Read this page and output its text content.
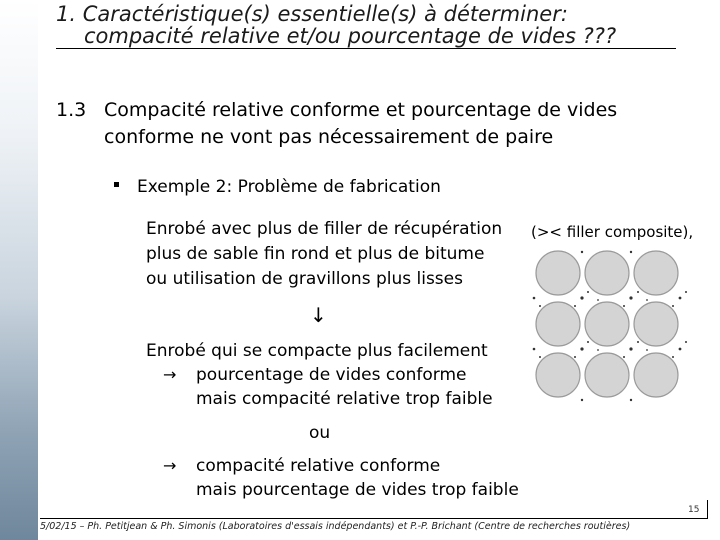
1. Caractéristique(s) essentielle(s) à déterminer:
compacité relative et/ou pourcentage de vides ???
1.3 Compacité relative conforme et pourcentage de vides
conforme ne vont pas nécessairement de paire
Exemple 2: Problème de fabrication
Enrobé avec plus de filler de récupération (>< filler composite),
plus de sable fin rond et plus de bitume
ou utilisation de gravillons plus lisses
↓
Enrobé qui se compacte plus facilement
→ pourcentage de vides conforme
mais compacité relative trop faible
ou
→ compacité relative conforme
mais pourcentage de vides trop faible
15
5/02/15 – Ph. Petitjean & Ph. Simonis (Laboratoires d'essais indépendants) et P.-P. Brichant (Centre de recherches routières)
